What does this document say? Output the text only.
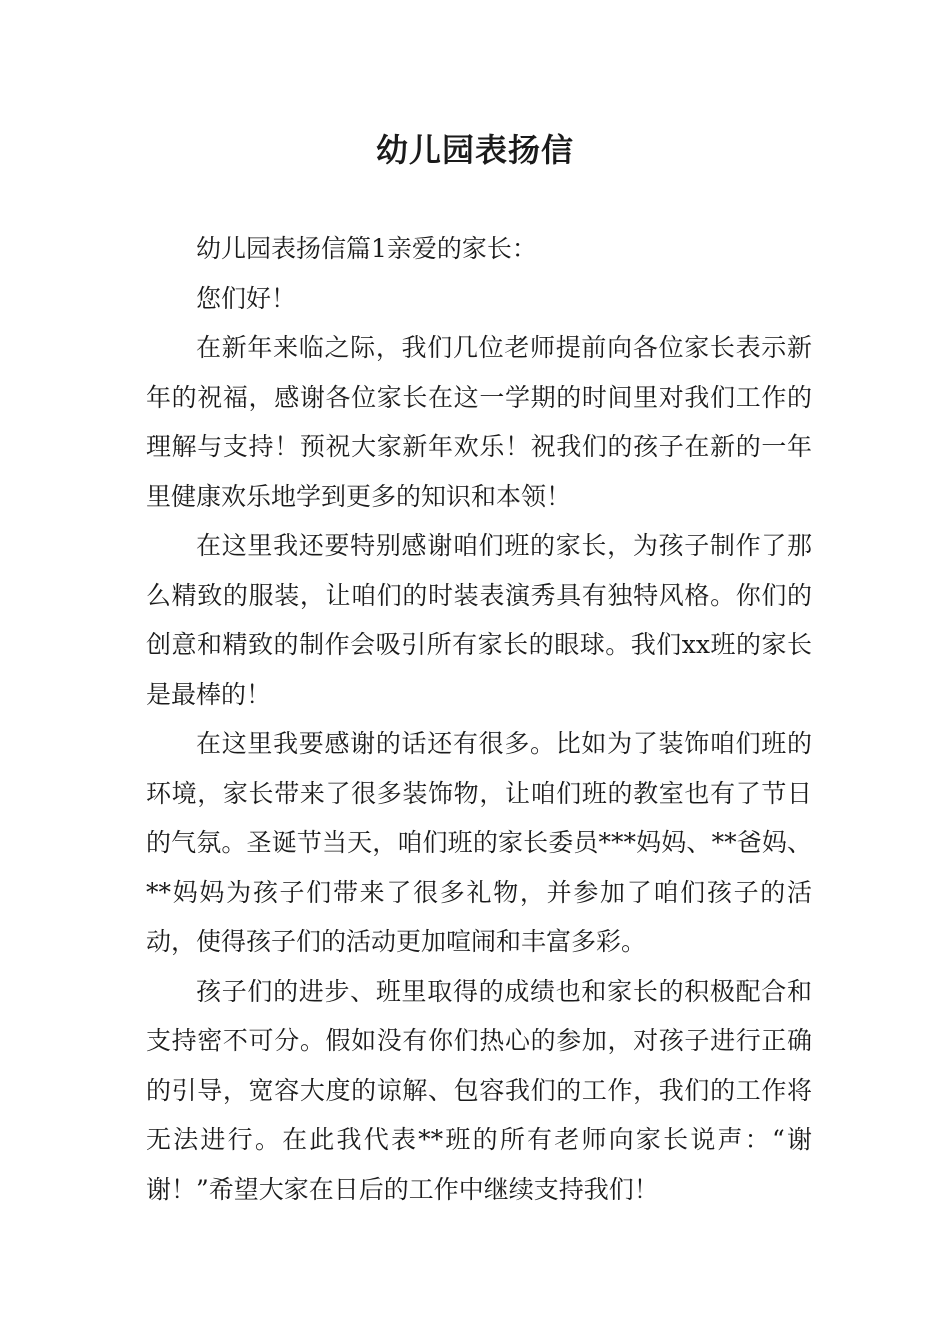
幼儿园表扬信

幼儿园表扬信篇1亲爱的家长：

您们好！

在新年来临之际，我们几位老师提前向各位家长表示新年的祝福，感谢各位家长在这一学期的时间里对我们工作的理解与支持！预祝大家新年欢乐！祝我们的孩子在新的一年里健康欢乐地学到更多的知识和本领！

在这里我还要特别感谢咱们班的家长，为孩子制作了那么精致的服装，让咱们的时装表演秀具有独特风格。你们的创意和精致的制作会吸引所有家长的眼球。我们xx班的家长是最棒的！

在这里我要感谢的话还有很多。比如为了装饰咱们班的环境，家长带来了很多装饰物，让咱们班的教室也有了节日的气氛。圣诞节当天，咱们班的家长委员***妈妈、**爸妈、**妈妈为孩子们带来了很多礼物，并参加了咱们孩子的活动，使得孩子们的活动更加喧闹和丰富多彩。

孩子们的进步、班里取得的成绩也和家长的积极配合和支持密不可分。假如没有你们热心的参加，对孩子进行正确的引导，宽容大度的谅解、包容我们的工作，我们的工作将无法进行。在此我代表**班的所有老师向家长说声：“谢谢！”希望大家在日后的工作中继续支持我们！
